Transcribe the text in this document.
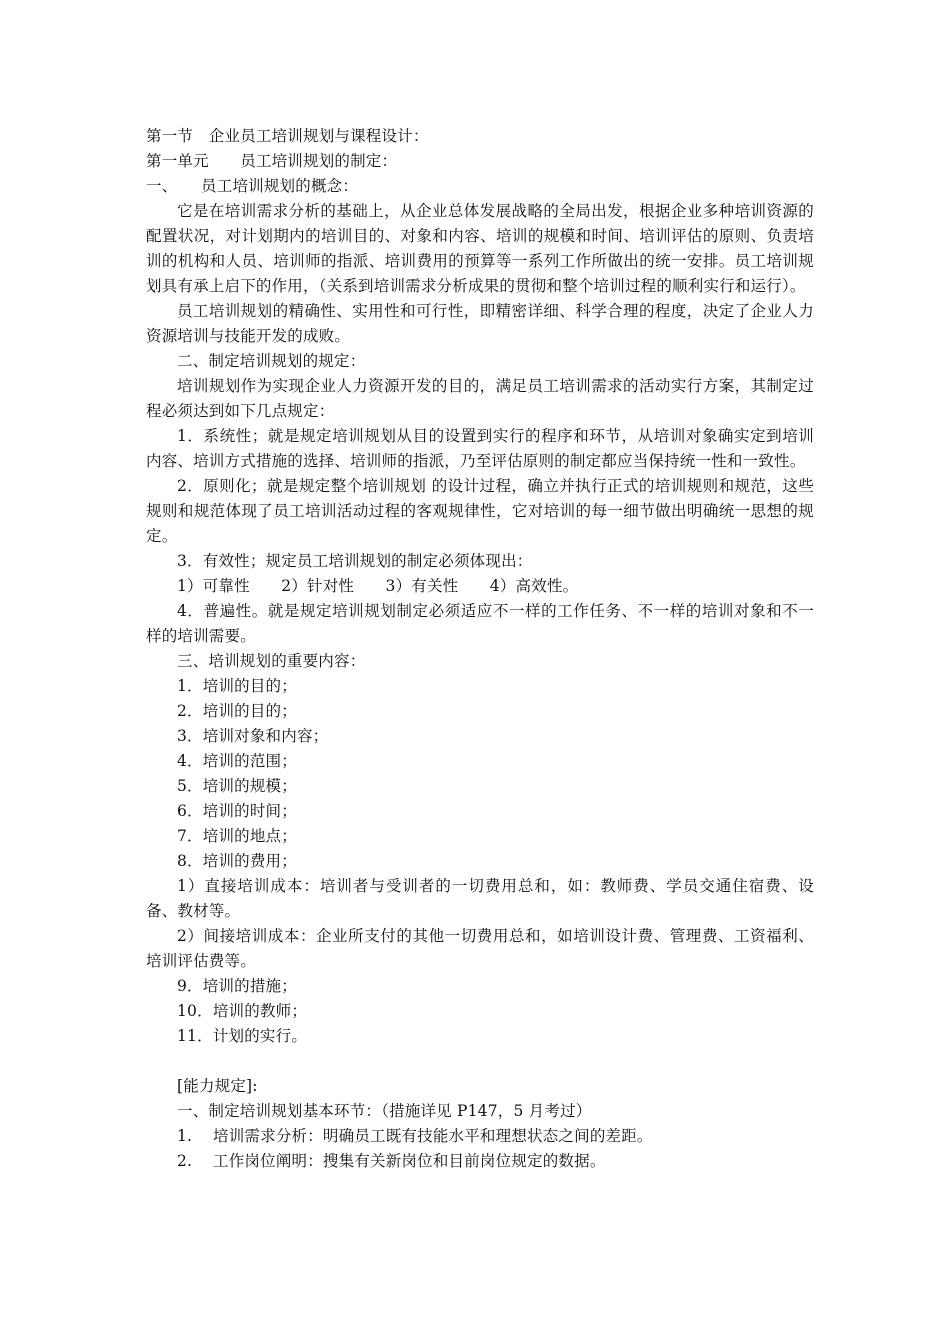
第一节　企业员工培训规划与课程设计：
第一单元　　员工培训规划的制定：
一、　　员工培训规划的概念：
它是在培训需求分析的基础上，从企业总体发展战略的全局出发，根据企业多种培训资源的配置状况，对计划期内的培训目的、对象和内容、培训的规模和时间、培训评估的原则、负责培训的机构和人员、培训师的指派、培训费用的预算等一系列工作所做出的统一安排。员工培训规划具有承上启下的作用，（关系到培训需求分析成果的贯彻和整个培训过程的顺利实行和运行）。
员工培训规划的精确性、实用性和可行性，即精密详细、科学合理的程度，决定了企业人力资源培训与技能开发的成败。
二、制定培训规划的规定：
培训规划作为实现企业人力资源开发的目的，满足员工培训需求的活动实行方案，其制定过程必须达到如下几点规定：
1．系统性；就是规定培训规划从目的设置到实行的程序和环节，从培训对象确实定到培训内容、培训方式措施的选择、培训师的指派，乃至评估原则的制定都应当保持统一性和一致性。
2．原则化；就是规定整个培训规划 的设计过程，确立并执行正式的培训规则和规范，这些规则和规范体现了员工培训活动过程的客观规律性，它对培训的每一细节做出明确统一思想的规定。
3．有效性；规定员工培训规划的制定必须体现出：
1）可靠性　　2）针对性　　3）有关性　　4）高效性。
4．普遍性。就是规定培训规划制定必须适应不一样的工作任务、不一样的培训对象和不一样的培训需要。
三、培训规划的重要内容：
1．培训的目的；
2．培训的目的；
3．培训对象和内容；
4．培训的范围；
5．培训的规模；
6．培训的时间；
7．培训的地点；
8．培训的费用；
1）直接培训成本：培训者与受训者的一切费用总和，如：教师费、学员交通住宿费、设备、教材等。
2）间接培训成本：企业所支付的其他一切费用总和，如培训设计费、管理费、工资福利、培训评估费等。
9．培训的措施；
10．培训的教师；
11．计划的实行。
[能力规定]:
一、制定培训规划基本环节：（措施详见 P147，5 月考过）
1.　 培训需求分析：明确员工既有技能水平和理想状态之间的差距。
2.　 工作岗位阐明：搜集有关新岗位和目前岗位规定的数据。
